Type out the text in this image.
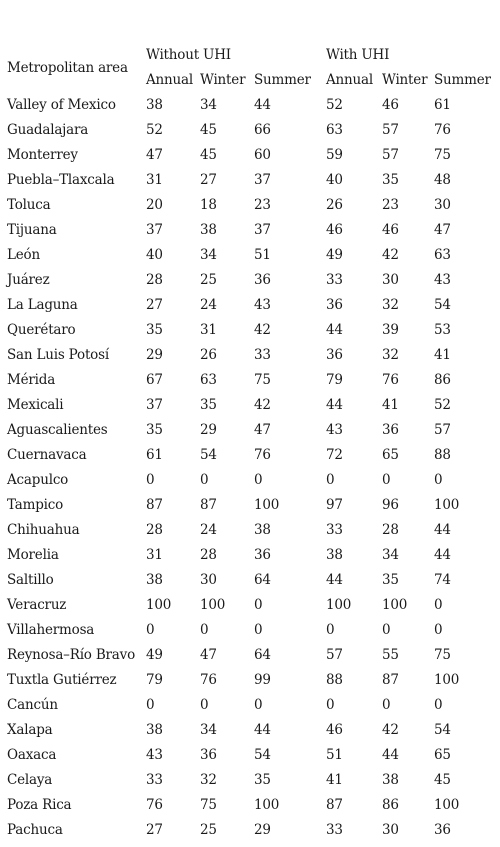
Metropolitan area	Without UHI			With UHI		
	Annual	Winter	Summer	Annual	Winter	Summer
Valley of Mexico	38	34	44	52	46	61
Guadalajara	52	45	66	63	57	76
Monterrey	47	45	60	59	57	75
Puebla–Tlaxcala	31	27	37	40	35	48
Toluca	20	18	23	26	23	30
Tijuana	37	38	37	46	46	47
León	40	34	51	49	42	63
Juárez	28	25	36	33	30	43
La Laguna	27	24	43	36	32	54
Querétaro	35	31	42	44	39	53
San Luis Potosí	29	26	33	36	32	41
Mérida	67	63	75	79	76	86
Mexicali	37	35	42	44	41	52
Aguascalientes	35	29	47	43	36	57
Cuernavaca	61	54	76	72	65	88
Acapulco	0	0	0	0	0	0
Tampico	87	87	100	97	96	100
Chihuahua	28	24	38	33	28	44
Morelia	31	28	36	38	34	44
Saltillo	38	30	64	44	35	74
Veracruz	100	100	0	100	100	0
Villahermosa	0	0	0	0	0	0
Reynosa–Río Bravo	49	47	64	57	55	75
Tuxtla Gutiérrez	79	76	99	88	87	100
Cancún	0	0	0	0	0	0
Xalapa	38	34	44	46	42	54
Oaxaca	43	36	54	51	44	65
Celaya	33	32	35	41	38	45
Poza Rica	76	75	100	87	86	100
Pachuca	27	25	29	33	30	36
